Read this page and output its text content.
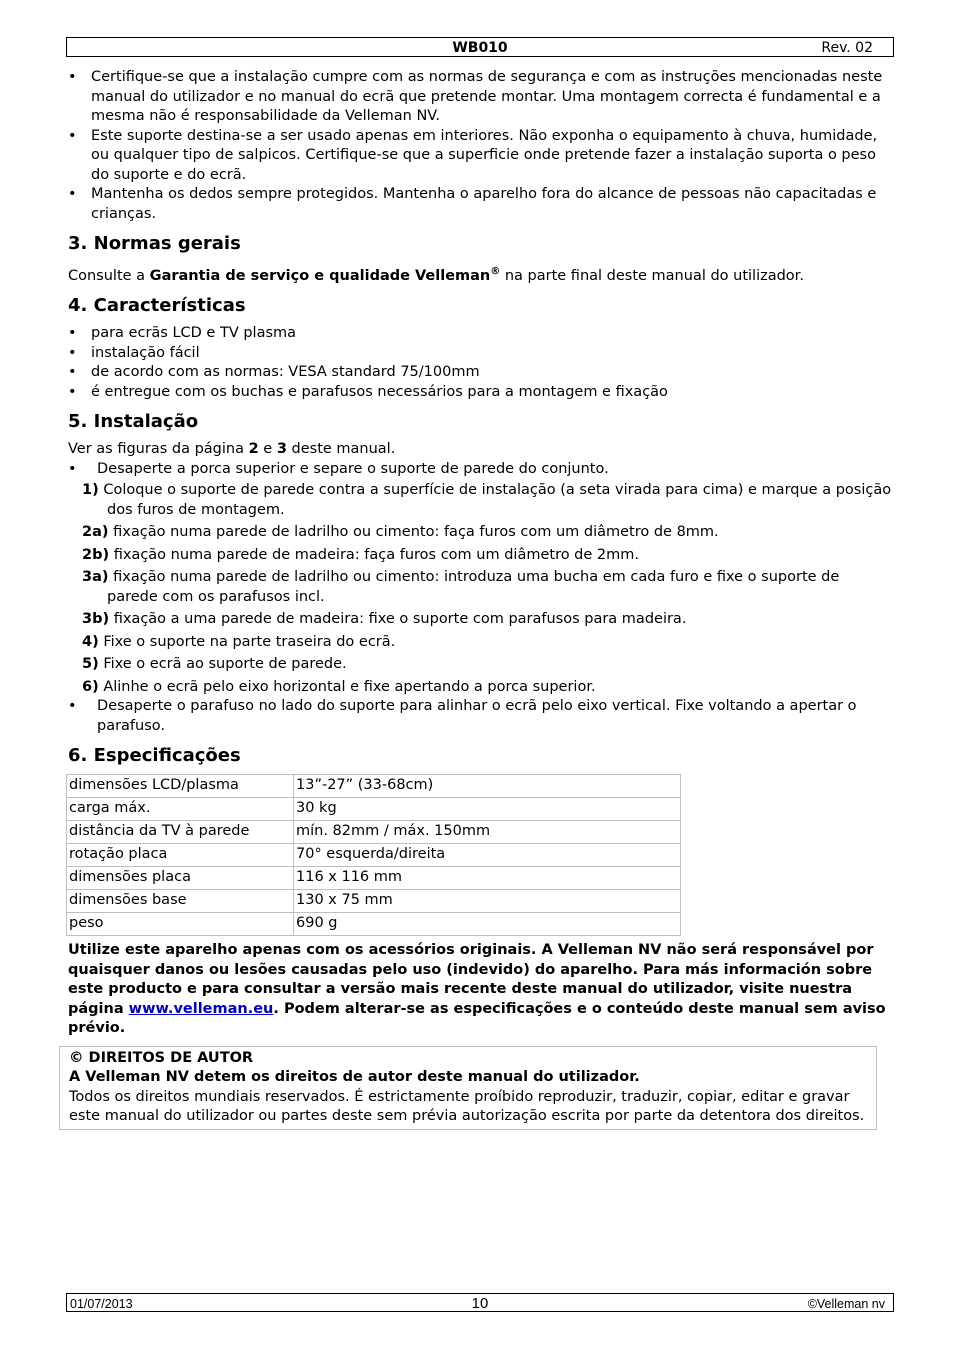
WB010	Rev. 02
• Certifique-se que a instalação cumpre com as normas de segurança e com as instruções mencionadas neste manual do utilizador e no manual do ecrã que pretende montar. Uma montagem correcta é fundamental e a mesma não é responsabilidade da Velleman NV.
• Este suporte destina-se a ser usado apenas em interiores. Não exponha o equipamento à chuva, humidade, ou qualquer tipo de salpicos. Certifique-se que a superficie onde pretende fazer a instalação suporta o peso do suporte e do ecrã.
• Mantenha os dedos sempre protegidos. Mantenha o aparelho fora do alcance de pessoas não capacitadas e crianças.
3. Normas gerais

Consulte a Garantia de serviço e qualidade Velleman® na parte final deste manual do utilizador.

4. Características
• para ecrãs LCD e TV plasma
• instalação fácil
• de acordo com as normas: VESA standard 75/100mm
• é entregue com os buchas e parafusos necessários para a montagem e fixação
5. Instalação

Ver as figuras da página 2 e 3 deste manual.

• Desaperte a porca superior e separe o suporte de parede do conjunto.
1) Coloque o suporte de parede contra a superfície de instalação (a seta virada para cima) e marque a posição dos furos de montagem.
2a) fixação numa parede de ladrilho ou cimento: faça furos com um diâmetro de 8mm.
2b) fixação numa parede de madeira: faça furos com um diâmetro de 2mm.
3a) fixação numa parede de ladrilho ou cimento: introduza uma bucha em cada furo e fixe o suporte de parede com os parafusos incl.
3b) fixação a uma parede de madeira: fixe o suporte com parafusos para madeira.
4) Fixe o suporte na parte traseira do ecrã.
5) Fixe o ecrã ao suporte de parede.
6) Alinhe o ecrã pelo eixo horizontal e fixe apertando a porca superior.
• Desaperte o parafuso no lado do suporte para alinhar o ecrã pelo eixo vertical. Fixe voltando a apertar o parafuso.
6. Especificações
dimensões LCD/plasma	13”-27” (33-68cm)
carga máx.	30 kg
distância da TV à parede	mín. 82mm / máx. 150mm
rotação placa	70° esquerda/direita
dimensões placa	116 x 116 mm
dimensões base	130 x 75 mm
peso	690 g

Utilize este aparelho apenas com os acessórios originais. A Velleman NV não será responsável por quaisquer danos ou lesões causadas pelo uso (indevido) do aparelho. Para más información sobre este producto e para consultar a versão mais recente deste manual do utilizador, visite nuestra página www.velleman.eu. Podem alterar-se as especificações e o conteúdo deste manual sem aviso prévio.

© DIREITOS DE AUTOR
A Velleman NV detem os direitos de autor deste manual do utilizador.
Todos os direitos mundiais reservados. É estrictamente proíbido reproduzir, traduzir, copiar, editar e gravar este manual do utilizador ou partes deste sem prévia autorização escrita por parte da detentora dos direitos.
01/07/2013	10	©Velleman nv
